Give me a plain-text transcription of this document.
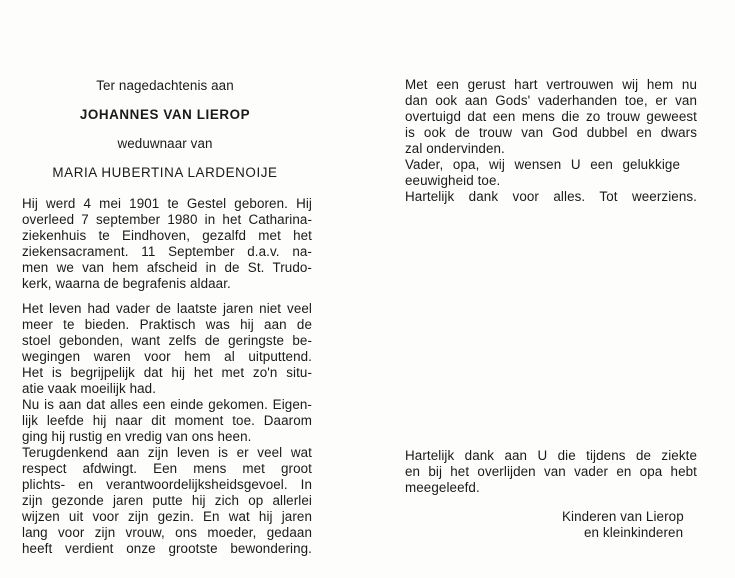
Ter nagedachtenis aan
JOHANNES VAN LIEROP
weduwnaar van
MARIA HUBERTINA LARDENOIJE
Hij werd 4 mei 1901 te Gestel geboren. Hij
overleed 7 september 1980 in het Catharina-
ziekenhuis te Eindhoven, gezalfd met het
ziekensacrament. 11 September d.a.v. na-
men we van hem afscheid in de St. Trudo-
kerk, waarna de begrafenis aldaar.
Het leven had vader de laatste jaren niet veel
meer te bieden. Praktisch was hij aan de
stoel gebonden, want zelfs de geringste be-
wegingen waren voor hem al uitputtend.
Het is begrijpelijk dat hij het met zo'n situ-
atie vaak moeilijk had.
Nu is aan dat alles een einde gekomen. Eigen-
lijk leefde hij naar dit moment toe. Daarom
ging hij rustig en vredig van ons heen.
Terugdenkend aan zijn leven is er veel wat
respect afdwingt. Een mens met groot
plichts- en verantwoordelijksheidsgevoel. In
zijn gezonde jaren putte hij zich op allerlei
wijzen uit voor zijn gezin. En wat hij jaren
lang voor zijn vrouw, ons moeder, gedaan
heeft verdient onze grootste bewondering.
Met een gerust hart vertrouwen wij hem nu
dan ook aan Gods' vaderhanden toe, er van
overtuigd dat een mens die zo trouw geweest
is ook de trouw van God dubbel en dwars
zal ondervinden.
Vader, opa, wij wensen U een gelukkige
eeuwigheid toe.
Hartelijk dank voor alles. Tot weerziens.
Hartelijk dank aan U die tijdens de ziekte
en bij het overlijden van vader en opa hebt
meegeleefd.
Kinderen van Lierop
en kleinkinderen
